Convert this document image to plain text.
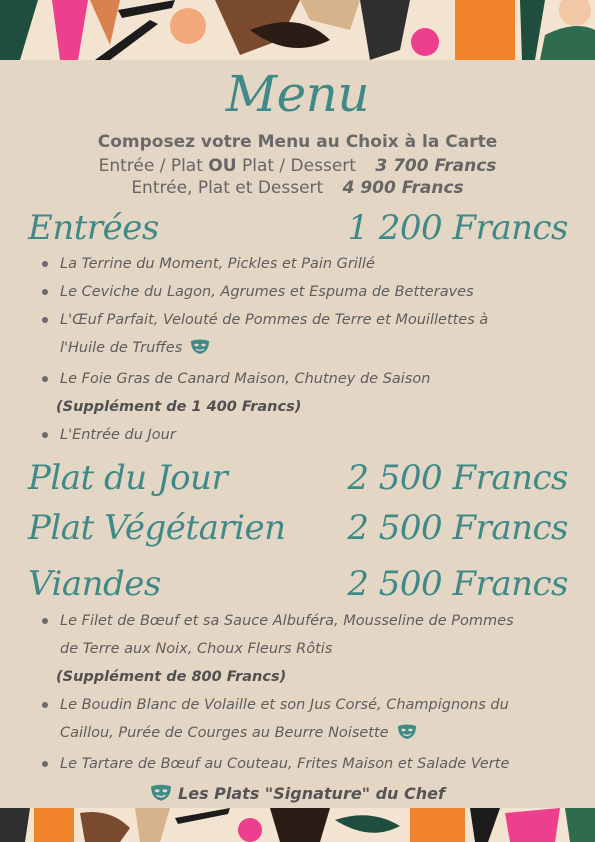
Menu
Composez votre Menu au Choix à la Carte
Entrée / Plat OU Plat / Dessert 3 700 Francs
Entrée, Plat et Dessert 4 900 Francs
Entrées	1 200 Francs
La Terrine du Moment, Pickles et Pain Grillé
Le Ceviche du Lagon, Agrumes et Espuma de Betteraves
L'Œuf Parfait, Velouté de Pommes de Terre et Mouillettes à
l'Huile de Truffes
Le Foie Gras de Canard Maison, Chutney de Saison
(Supplément de 1 400 Francs)
L'Entrée du Jour
Plat du Jour	2 500 Francs
Plat Végétarien 2 500 Francs
Viandes	2 500 Francs
Le Filet de Bœuf et sa Sauce Albuféra, Mousseline de Pommes
de Terre aux Noix, Choux Fleurs Rôtis
(Supplément de 800 Francs)
Le Boudin Blanc de Volaille et son Jus Corsé, Champignons du
Caillou, Purée de Courges au Beurre Noisette
Le Tartare de Bœuf au Couteau, Frites Maison et Salade Verte
Les Plats "Signature" du Chef
